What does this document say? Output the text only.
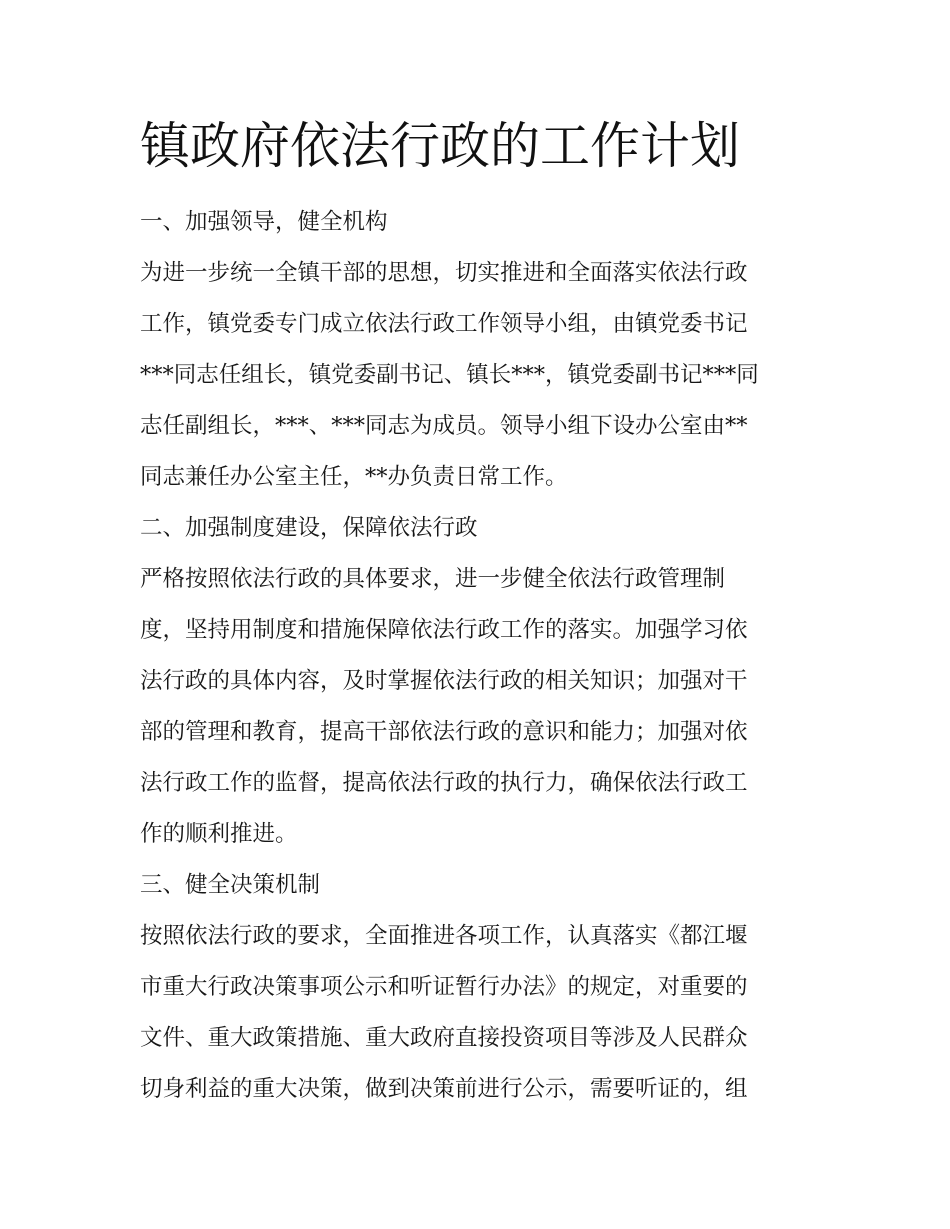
镇政府依法行政的工作计划

一、加强领导，健全机构

为进一步统一全镇干部的思想，切实推进和全面落实依法行政

工作，镇党委专门成立依法行政工作领导小组，由镇党委书记

***同志任组长，镇党委副书记、镇长***，镇党委副书记***同

志任副组长，***、***同志为成员。领导小组下设办公室由**

同志兼任办公室主任，**办负责日常工作。

二、加强制度建设，保障依法行政

严格按照依法行政的具体要求，进一步健全依法行政管理制

度，坚持用制度和措施保障依法行政工作的落实。加强学习依

法行政的具体内容，及时掌握依法行政的相关知识；加强对干

部的管理和教育，提高干部依法行政的意识和能力；加强对依

法行政工作的监督，提高依法行政的执行力，确保依法行政工

作的顺利推进。

三、健全决策机制

按照依法行政的要求，全面推进各项工作，认真落实《都江堰

市重大行政决策事项公示和听证暂行办法》的规定，对重要的

文件、重大政策措施、重大政府直接投资项目等涉及人民群众

切身利益的重大决策，做到决策前进行公示，需要听证的，组
